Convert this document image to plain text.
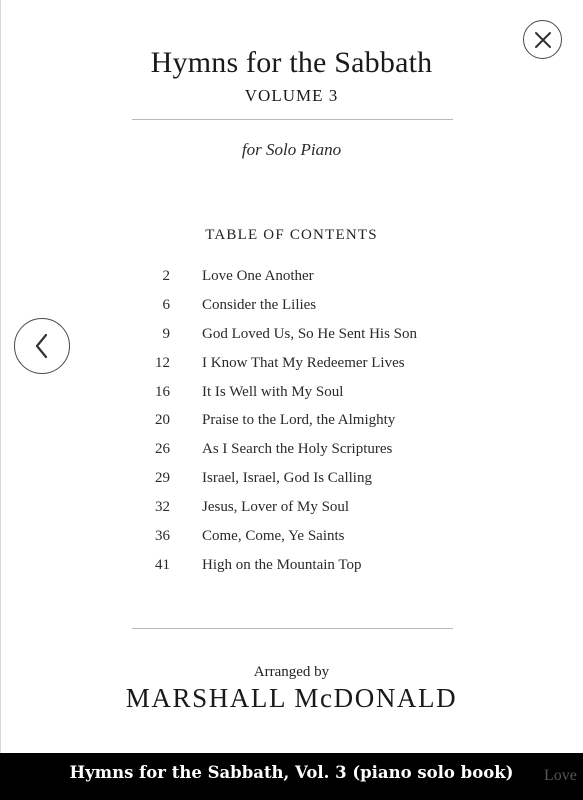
Hymns for the Sabbath
VOLUME 3
for Solo Piano
TABLE OF CONTENTS
2 Love One Another
6 Consider the Lilies
9 God Loved Us, So He Sent His Son
12 I Know That My Redeemer Lives
16 It Is Well with My Soul
20 Praise to the Lord, the Almighty
26 As I Search the Holy Scriptures
29 Israel, Israel, God Is Calling
32 Jesus, Lover of My Soul
36 Come, Come, Ye Saints
41 High on the Mountain Top
Arranged by
MARSHALL McDONALD
Love
Hymns for the Sabbath, Vol. 3 (piano solo book)
